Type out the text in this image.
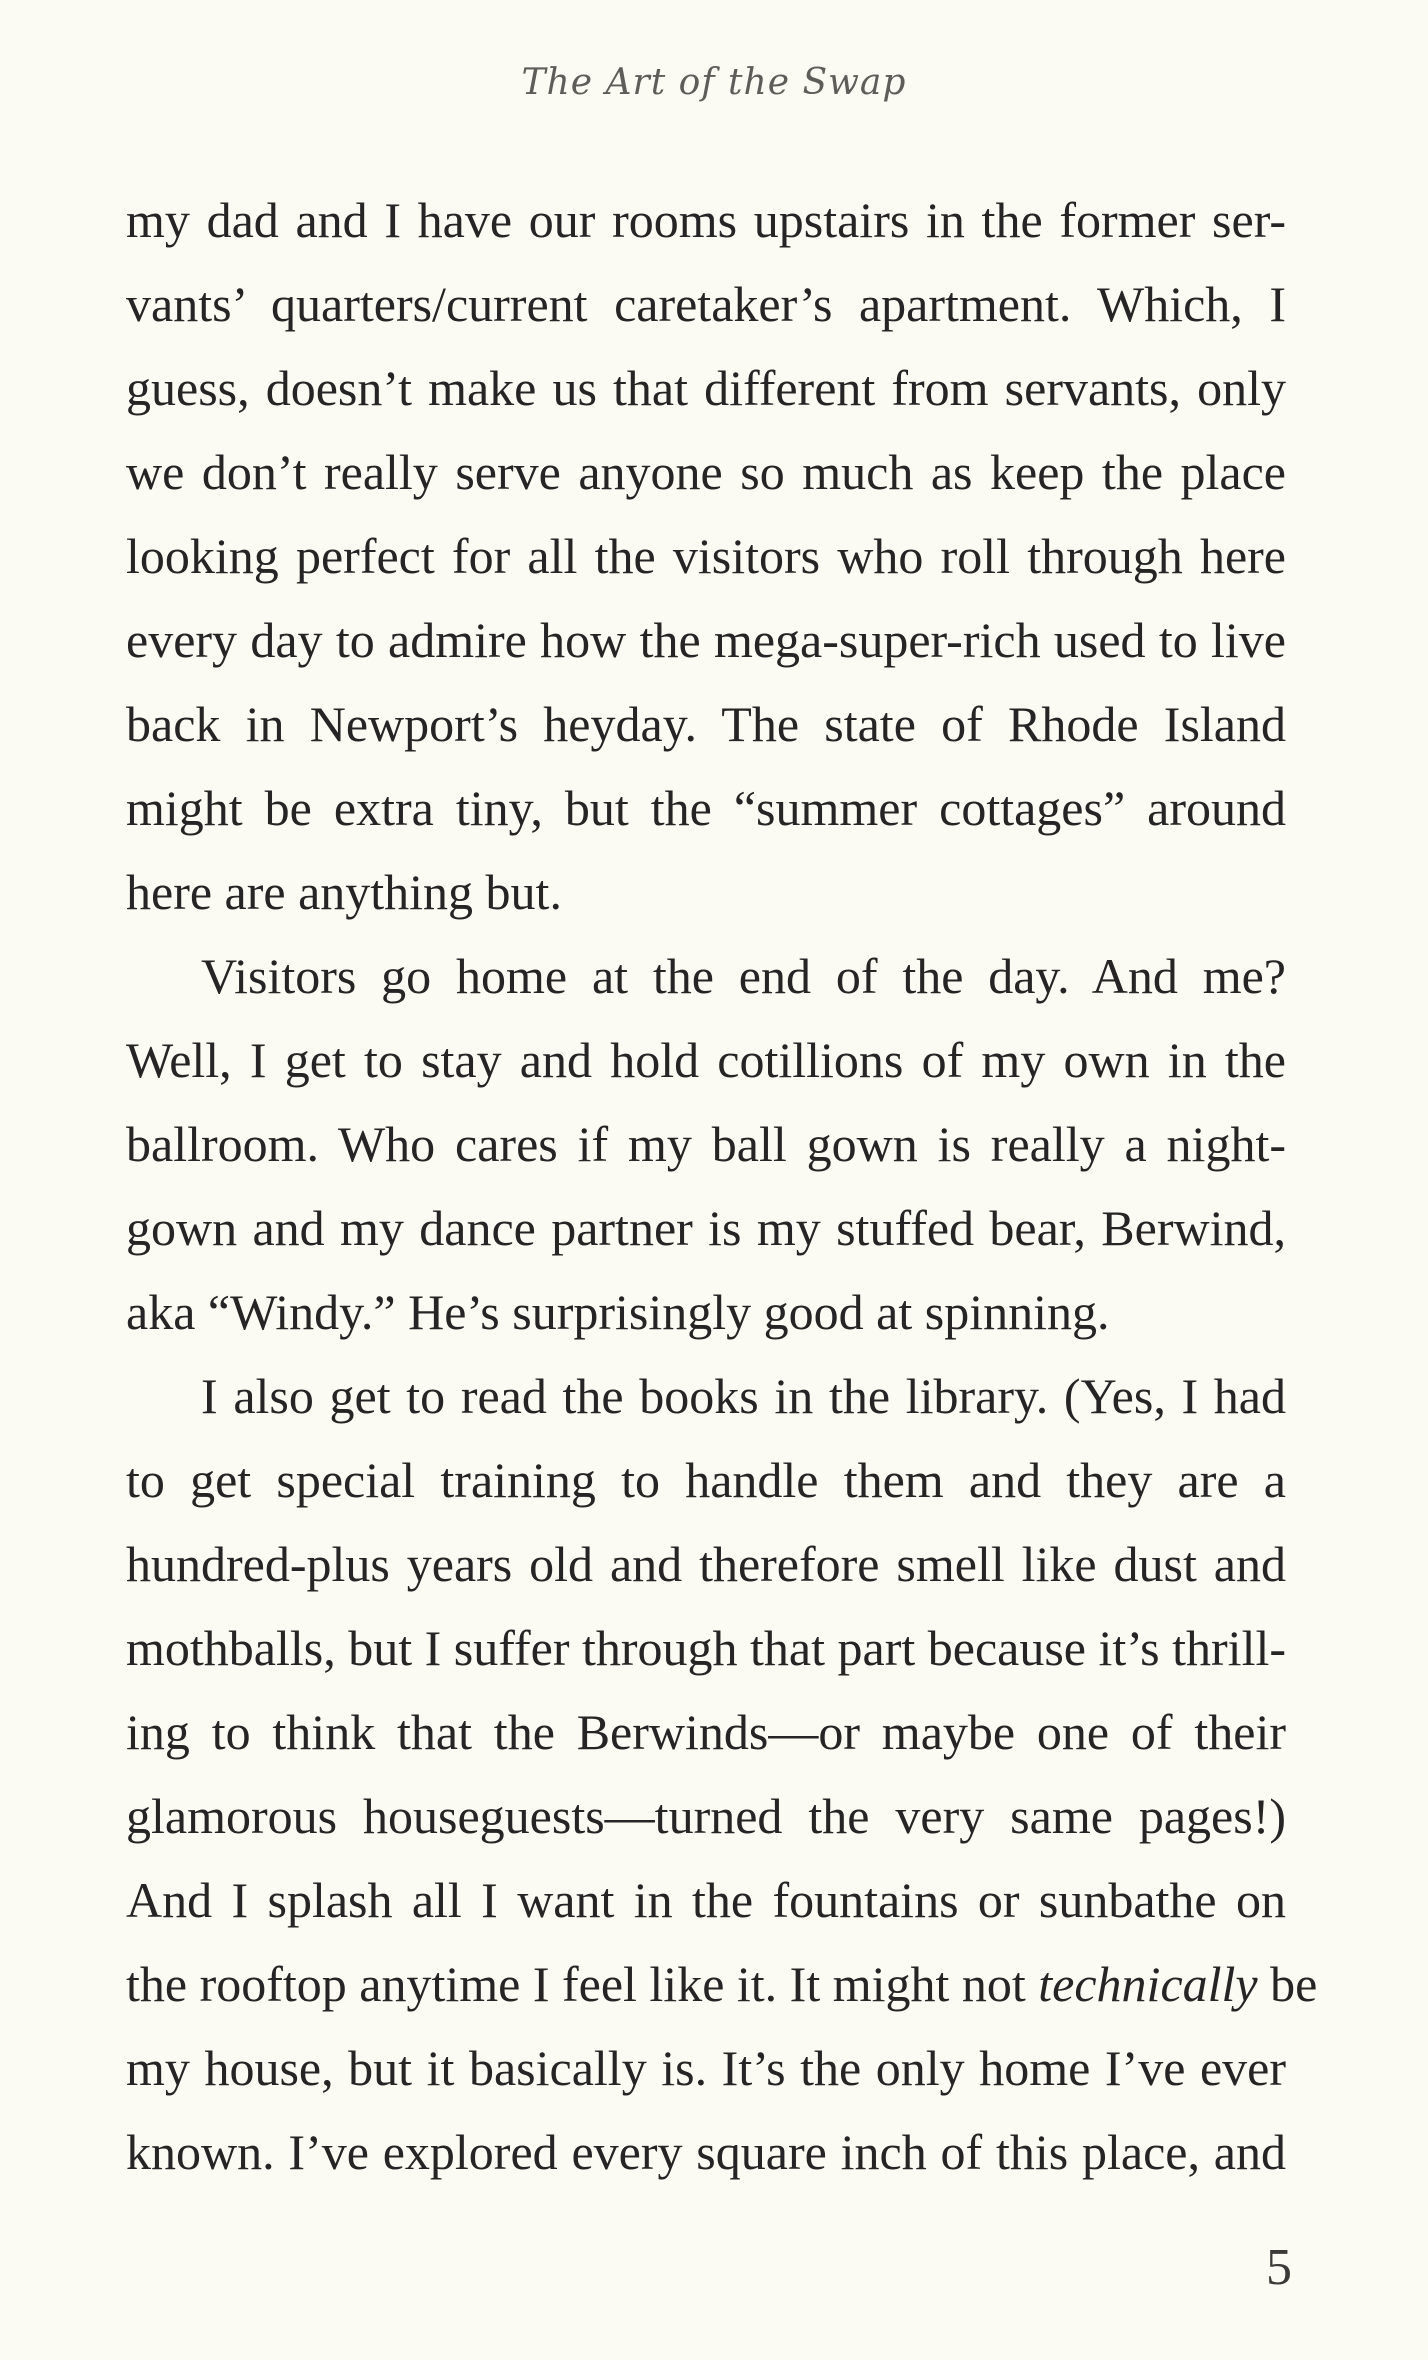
The Art of the Swap
my dad and I have our rooms upstairs in the former ser-
vants’ quarters/current caretaker’s apartment. Which, I
guess, doesn’t make us that different from servants, only
we don’t really serve anyone so much as keep the place
looking perfect for all the visitors who roll through here
every day to admire how the mega-super-rich used to live
back in Newport’s heyday. The state of Rhode Island
might be extra tiny, but the “summer cottages” around
here are anything but.
Visitors go home at the end of the day. And me?
Well, I get to stay and hold cotillions of my own in the
ballroom. Who cares if my ball gown is really a night-
gown and my dance partner is my stuffed bear, Berwind,
aka “Windy.” He’s surprisingly good at spinning.
I also get to read the books in the library. (Yes, I had
to get special training to handle them and they are a
hundred-plus years old and therefore smell like dust and
mothballs, but I suffer through that part because it’s thrill-
ing to think that the Berwinds—or maybe one of their
glamorous houseguests—turned the very same pages!)
And I splash all I want in the fountains or sunbathe on
the rooftop anytime I feel like it. It might not technically be
my house, but it basically is. It’s the only home I’ve ever
known. I’ve explored every square inch of this place, and
5
